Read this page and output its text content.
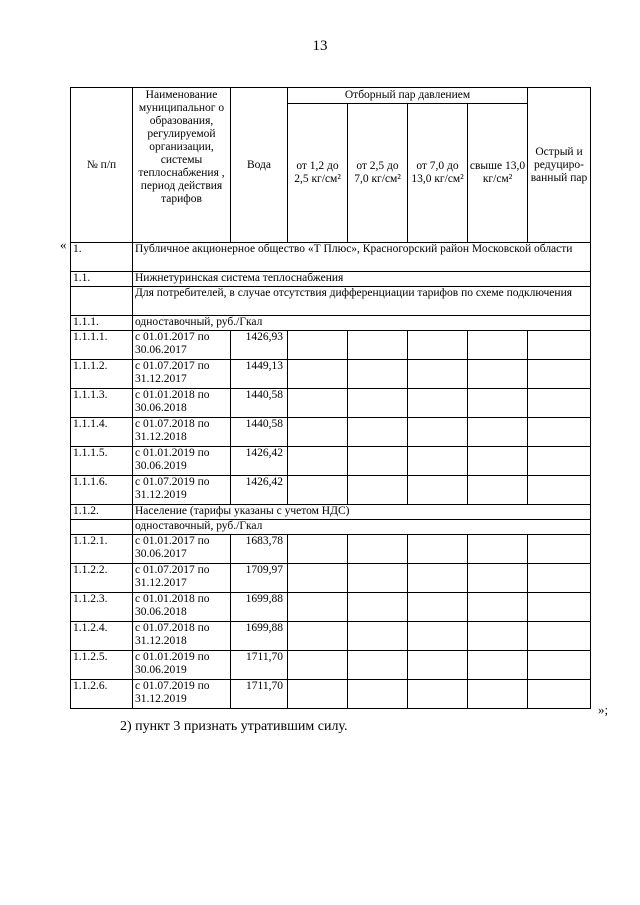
13
«
»;
№ п/п	Наименование муниципальног о образования, регулируемой организации, системы теплоснабжения , период действия тарифов	Вода	Отборный пар давлением				Острый и редуциро-ванный пар
			от 1,2 до 2,5 кг/см²	от 2,5 до 7,0 кг/см²	от 7,0 до 13,0 кг/см²	свыше 13,0 кг/см²	
1.	Публичное акционерное общество «Т Плюс», Красногорский район Московской области						
1.1.	Нижнетуринская система теплоснабжения						
	Для потребителей, в случае отсутствия дифференциации тарифов по схеме подключения						
1.1.1.	одноставочный, руб./Гкал						
1.1.1.1.	с 01.01.2017 по 30.06.2017	1426,93					
1.1.1.2.	с 01.07.2017 по 31.12.2017	1449,13					
1.1.1.3.	с 01.01.2018 по 30.06.2018	1440,58					
1.1.1.4.	с 01.07.2018 по 31.12.2018	1440,58					
1.1.1.5.	с 01.01.2019 по 30.06.2019	1426,42					
1.1.1.6.	с 01.07.2019 по 31.12.2019	1426,42					
1.1.2.	Население (тарифы указаны с учетом НДС)						
	одноставочный, руб./Гкал						
1.1.2.1.	с 01.01.2017 по 30.06.2017	1683,78					
1.1.2.2.	с 01.07.2017 по 31.12.2017	1709,97					
1.1.2.3.	с 01.01.2018 по 30.06.2018	1699,88					
1.1.2.4.	с 01.07.2018 по 31.12.2018	1699,88					
1.1.2.5.	с 01.01.2019 по 30.06.2019	1711,70					
1.1.2.6.	с 01.07.2019 по 31.12.2019	1711,70					
2) пункт 3 признать утратившим силу.
